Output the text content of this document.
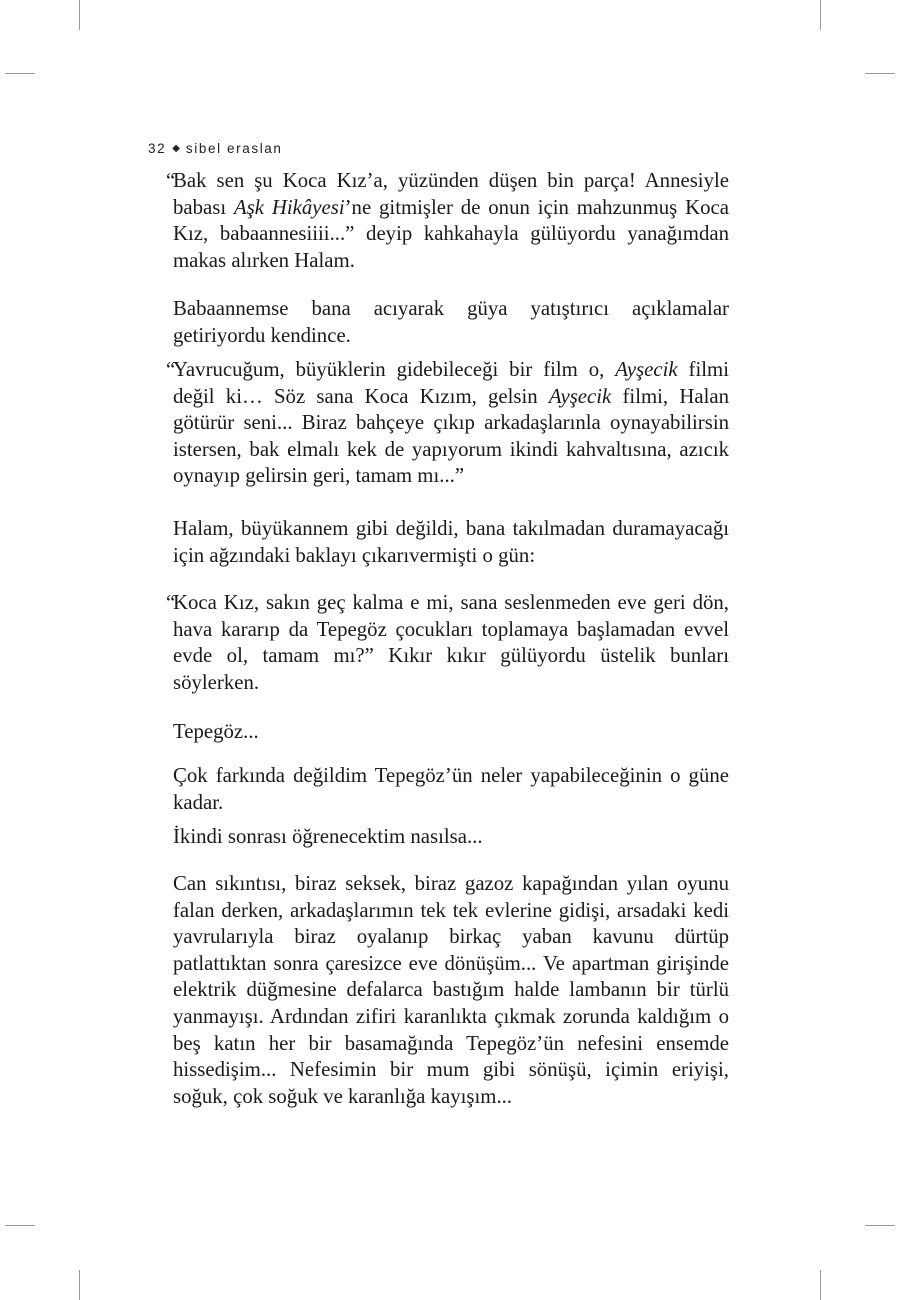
32 ◆ sibel eraslan

“Bak sen şu Koca Kız’a, yüzünden düşen bin parça! Annesiyle babası Aşk Hikâyesi’ne gitmişler de onun için mahzunmuş Koca Kız, babaannesiiii...” deyip kahkahayla gülüyordu yanağımdan makas alırken Halam.

Babaannemse bana acıyarak güya yatıştırıcı açıklamalar getiriyordu kendince.

“Yavrucuğum, büyüklerin gidebileceği bir film o, Ayşecik filmi değil ki… Söz sana Koca Kızım, gelsin Ayşecik filmi, Halan götürür seni... Biraz bahçeye çıkıp arkadaşlarınla oynayabilirsin istersen, bak elmalı kek de yapıyorum ikindi kahvaltısına, azıcık oynayıp gelirsin geri, tamam mı...”

Halam, büyükannem gibi değildi, bana takılmadan duramayacağı için ağzındaki baklayı çıkarıvermişti o gün:

“Koca Kız, sakın geç kalma e mi, sana seslenmeden eve geri dön, hava kararıp da Tepegöz çocukları toplamaya başlamadan evvel evde ol, tamam mı?” Kıkır kıkır gülüyordu üstelik bunları söylerken.

Tepegöz...

Çok farkında değildim Tepegöz’ün neler yapabileceğinin o güne kadar.

İkindi sonrası öğrenecektim nasılsa...

Can sıkıntısı, biraz seksek, biraz gazoz kapağından yılan oyunu falan derken, arkadaşlarımın tek tek evlerine gidişi, arsadaki kedi yavrularıyla biraz oyalanıp birkaç yaban kavunu dürtüp patlattıktan sonra çaresizce eve dönüşüm... Ve apartman girişinde elektrik düğmesine defalarca bastığım halde lambanın bir türlü yanmayışı. Ardından zifiri karanlıkta çıkmak zorunda kaldığım o beş katın her bir basamağında Tepegöz’ün nefesini ensemde hissedişim... Nefesimin bir mum gibi sönüşü, içimin eriyişi, soğuk, çok soğuk ve karanlığa kayışım...
